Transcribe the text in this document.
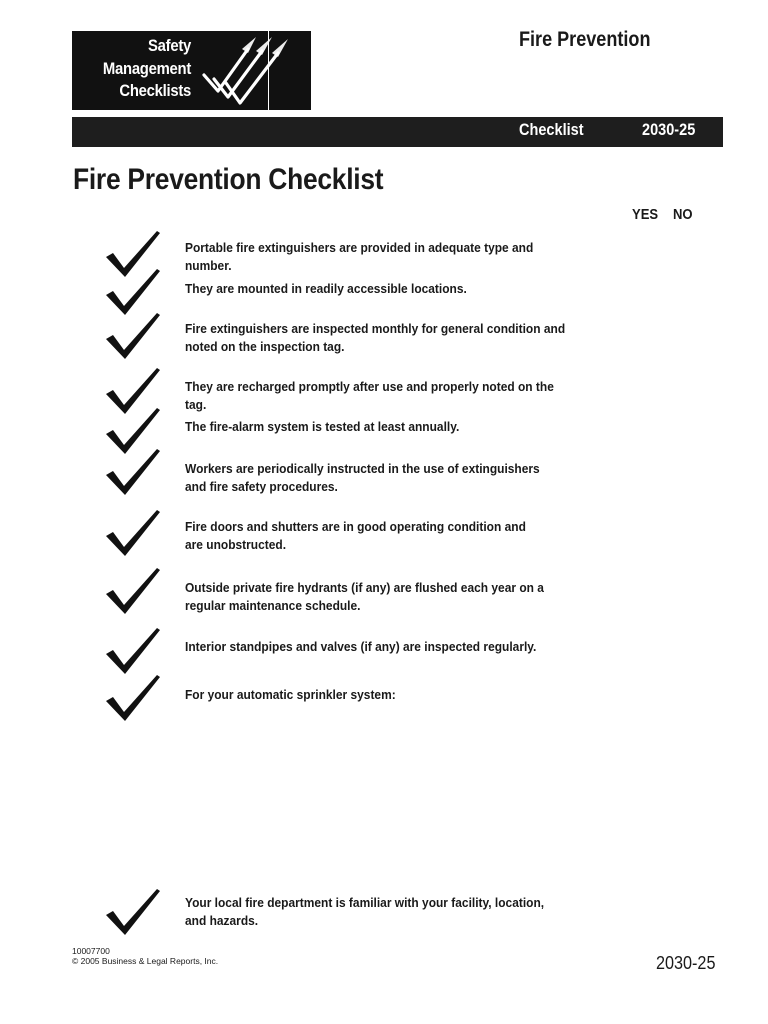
Safety
Management
Checklists
Fire Prevention
Checklist	2030-25
Fire Prevention Checklist
YES NO
Portable fire extinguishers are provided in adequate type and number.
They are mounted in readily accessible locations.
Fire extinguishers are inspected monthly for general condition and
noted on the inspection tag.
They are recharged promptly after use and properly noted on the tag.
The fire-alarm system is tested at least annually.
Workers are periodically instructed in the use of extinguishers
and fire safety procedures.
Fire doors and shutters are in good operating condition and
are unobstructed.
Outside private fire hydrants (if any) are flushed each year on a
regular maintenance schedule.
Interior standpipes and valves (if any) are inspected regularly.
For your automatic sprinkler system:
Your local fire department is familiar with your facility, location,
and hazards.
10007700
© 2005 Business & Legal Reports, Inc.	2030-25
